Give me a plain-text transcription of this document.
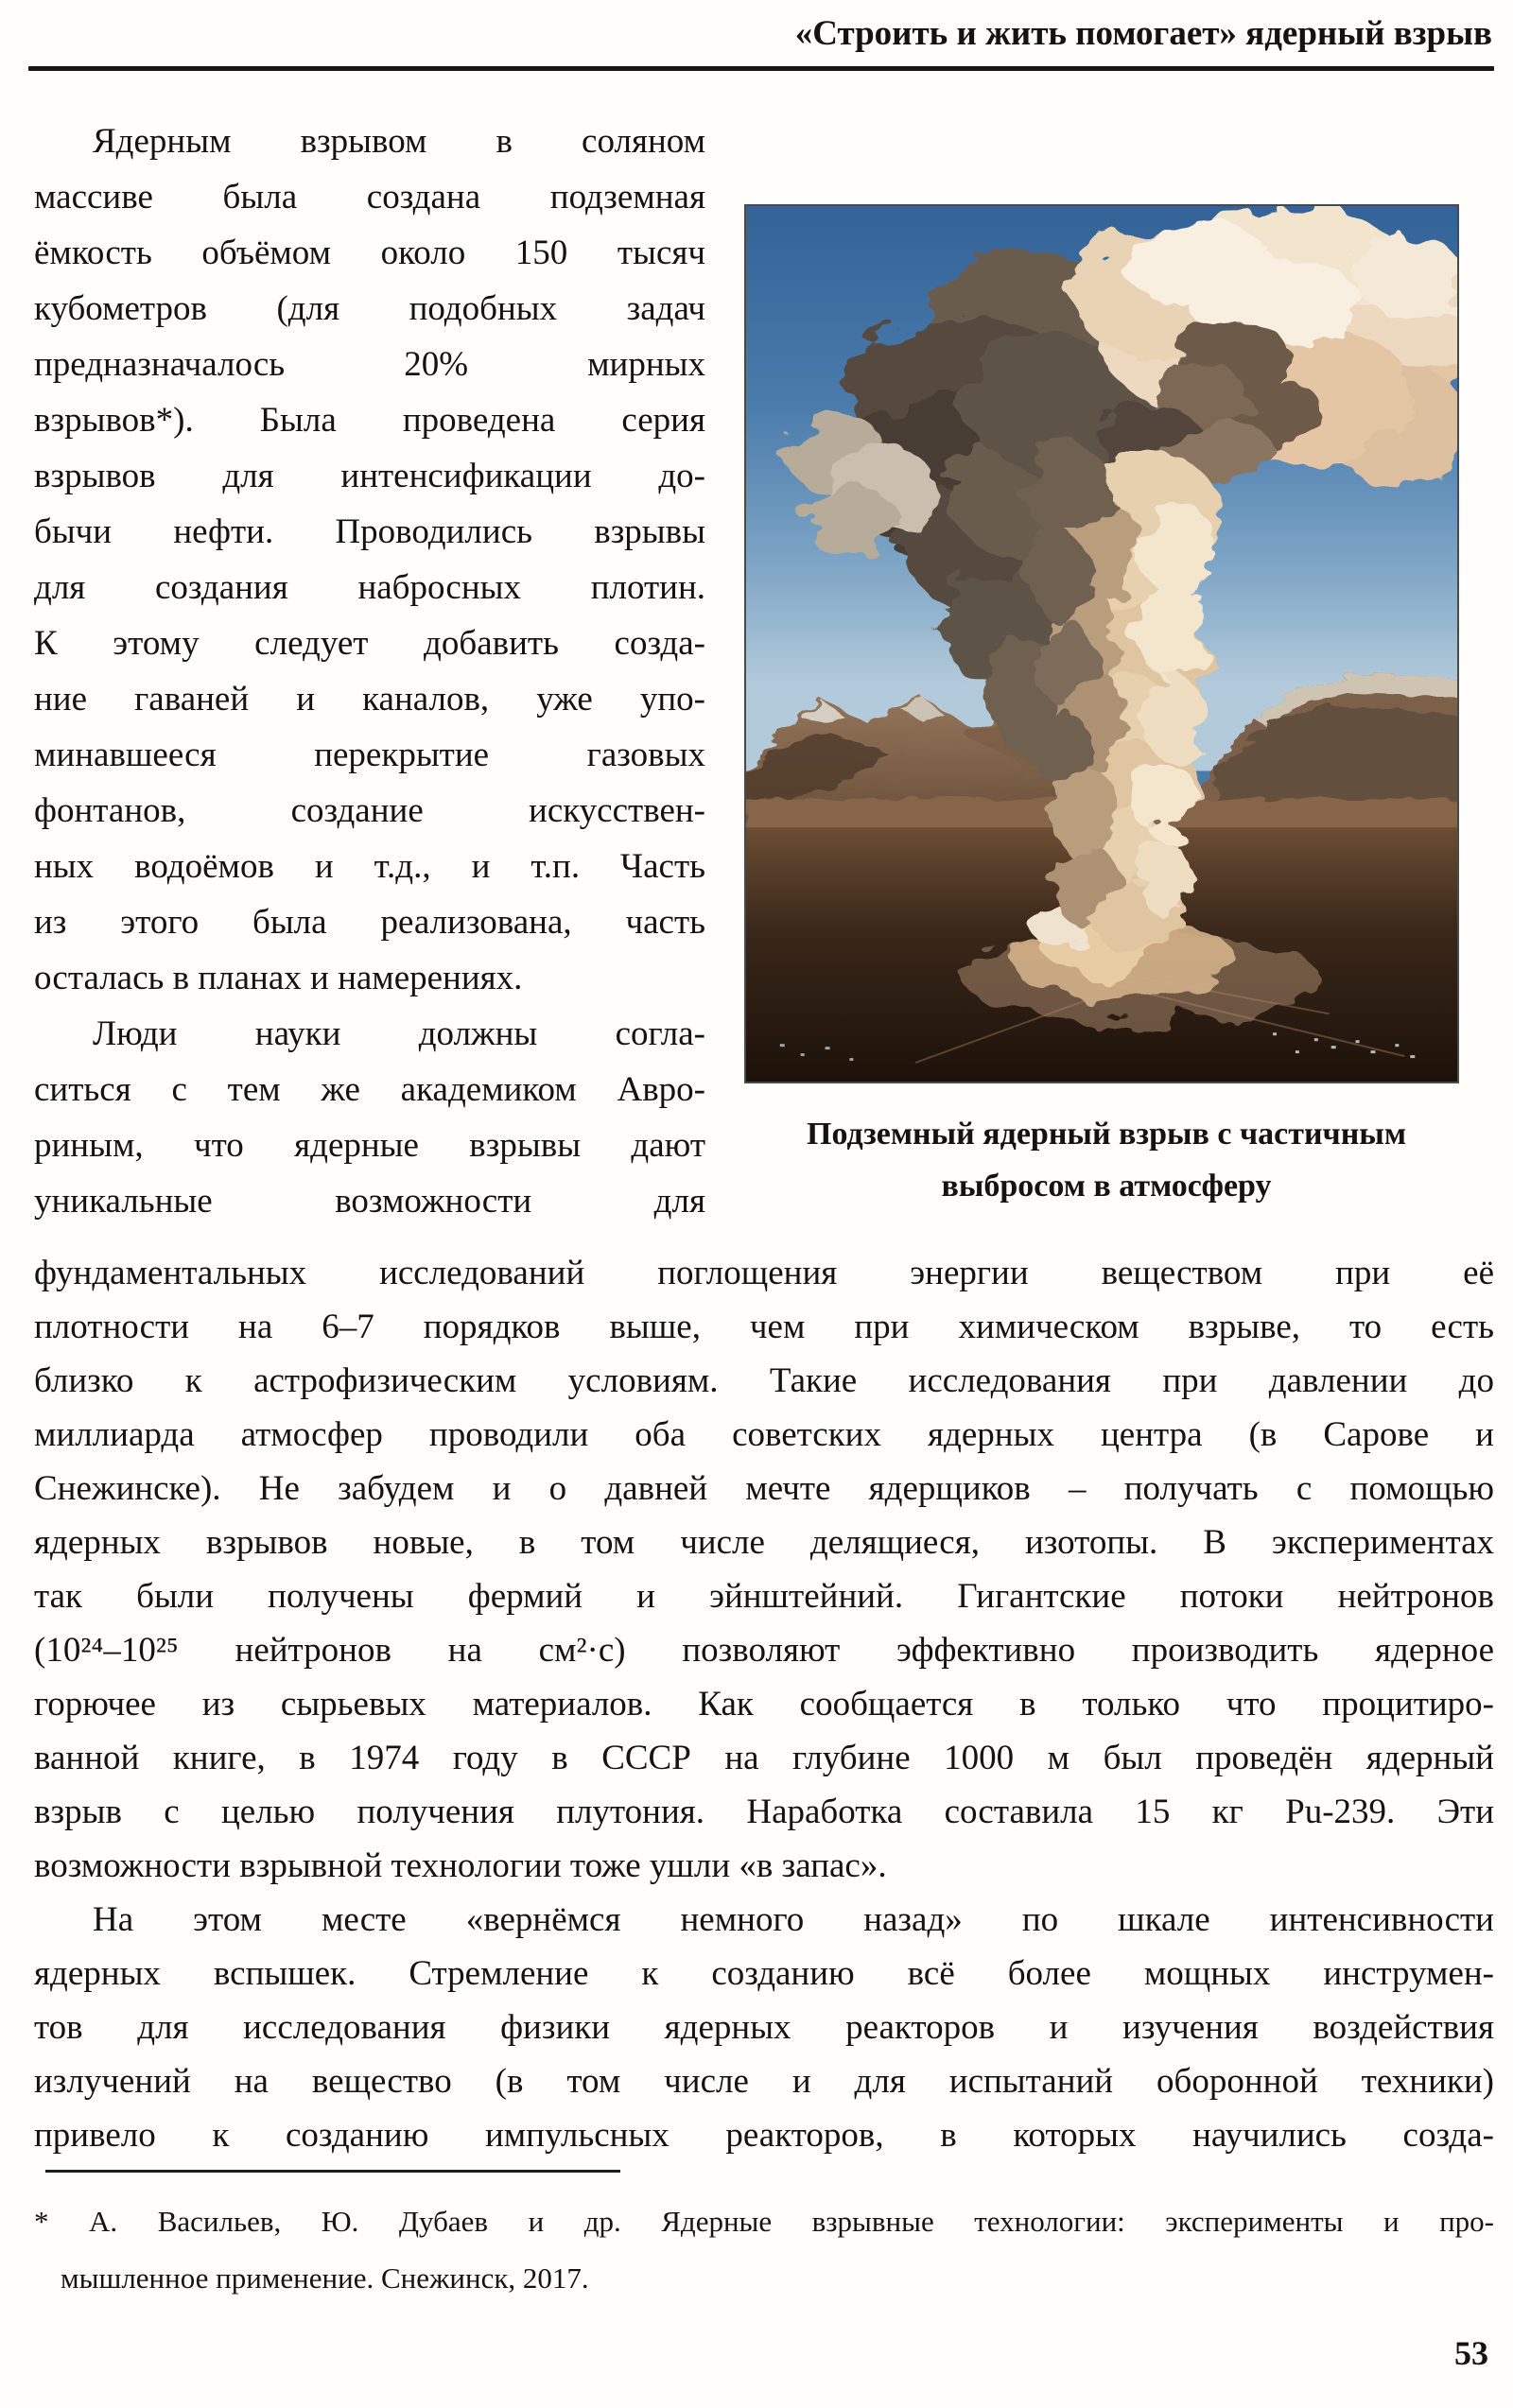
«Строить и жить помогает» ядерный взрыв
Ядерным взрывом в соляном
массиве была создана подземная
ёмкость объёмом около 150 тысяч
кубометров (для подобных задач
предназначалось 20% мирных
взрывов*). Была проведена серия
взрывов для интенсификации до-
бычи нефти. Проводились взрывы
для создания набросных плотин.
К этому следует добавить созда-
ние гаваней и каналов, уже упо-
минавшееся перекрытие газовых
фонтанов, создание искусствен-
ных водоёмов и т.д., и т.п. Часть
из этого была реализована, часть
осталась в планах и намерениях.
Люди науки должны согла-
ситься с тем же академиком Авро-
риным, что ядерные взрывы дают
уникальные возможности для
Подземный ядерный взрыв с частичным
выбросом в атмосферу
фундаментальных исследований поглощения энергии веществом при её
плотности на 6–7 порядков выше, чем при химическом взрыве, то есть
близко к астрофизическим условиям. Такие исследования при давлении до
миллиарда атмосфер проводили оба советских ядерных центра (в Сарове и
Снежинске). Не забудем и о давней мечте ядерщиков – получать с помощью
ядерных взрывов новые, в том числе делящиеся, изотопы. В экспериментах
так были получены фермий и эйнштейний. Гигантские потоки нейтронов
(10²⁴–10²⁵ нейтронов на см²·с) позволяют эффективно производить ядерное
горючее из сырьевых материалов. Как сообщается в только что процитиро-
ванной книге, в 1974 году в СССР на глубине 1000 м был проведён ядерный
взрыв с целью получения плутония. Наработка составила 15 кг Pu-239. Эти
возможности взрывной технологии тоже ушли «в запас».
На этом месте «вернёмся немного назад» по шкале интенсивности
ядерных вспышек. Стремление к созданию всё более мощных инструмен-
тов для исследования физики ядерных реакторов и изучения воздействия
излучений на вещество (в том числе и для испытаний оборонной техники)
привело к созданию импульсных реакторов, в которых научились созда-
* А. Васильев, Ю. Дубаев и др. Ядерные взрывные технологии: эксперименты и про-
мышленное применение. Снежинск, 2017.
53
